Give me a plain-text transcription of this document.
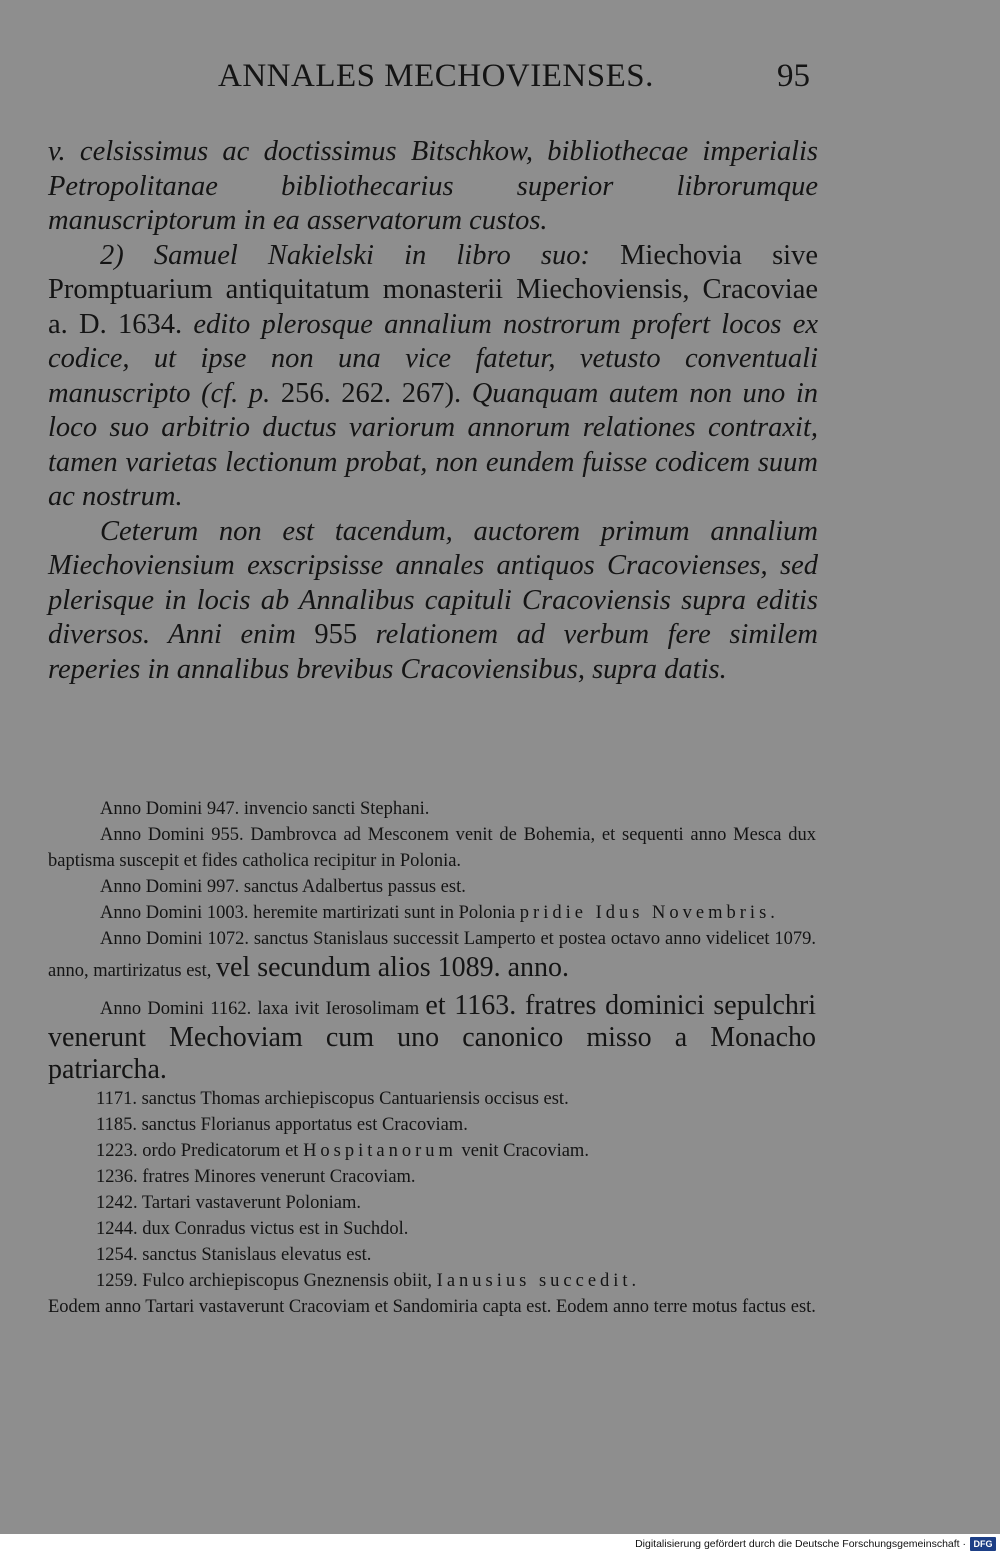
ANNALES MECHOVIENSES.	95

v. celsissimus ac doctissimus Bitschkow, bibliothecae imperialis Petropolitanae bibliothecarius superior librorumque manuscriptorum in ea asservatorum custos.

2) Samuel Nakielski in libro suo: Miechovia sive Promptuarium antiquitatum monasterii Miechoviensis, Cracoviae a. D. 1634. edito plerosque annalium nostrorum profert locos ex codice, ut ipse non una vice fatetur, vetusto conventuali manuscripto (cf. p. 256. 262. 267). Quanquam autem non uno in loco suo arbitrio ductus variorum annorum relationes contraxit, tamen varietas lectionum probat, non eundem fuisse codicem suum ac nostrum.

Ceterum non est tacendum, auctorem primum annalium Miechoviensium exscripsisse annales antiquos Cracovienses, sed plerisque in locis ab Annalibus capituli Cracoviensis supra editis diversos. Anni enim 955 relationem ad verbum fere similem reperies in annalibus brevibus Cracoviensibus, supra datis.

Anno Domini 947. invencio sancti Stephani.

Anno Domini 955. Dambrovca ad Mesconem venit de Bohemia, et sequenti anno Mesca dux baptisma suscepit et fides catholica recipitur in Polonia.

Anno Domini 997. sanctus Adalbertus passus est.

Anno Domini 1003. heremite martirizati sunt in Polonia pridie Idus Novembris.

Anno Domini 1072. sanctus Stanislaus successit Lamperto et postea octavo anno videlicet 1079. anno, martirizatus est, vel secundum alios 1089. anno.

Anno Domini 1162. laxa ivit Ierosolimam et 1163. fratres dominici sepulchri venerunt Mechoviam cum uno canonico misso a Monacho patriarcha.

1171. sanctus Thomas archiepiscopus Cantuariensis occisus est.

1185. sanctus Florianus apportatus est Cracoviam.

1223. ordo Predicatorum et Hospitanorum venit Cracoviam.

1236. fratres Minores venerunt Cracoviam.

1242. Tartari vastaverunt Poloniam.

1244. dux Conradus victus est in Suchdol.

1254. sanctus Stanislaus elevatus est.

1259. Fulco archiepiscopus Gneznensis obiit, Ianusius succedit.

Eodem anno Tartari vastaverunt Cracoviam et Sandomiria capta est. Eodem anno terre motus factus est.

Digitalisierung gefördert durch die Deutsche Forschungsgemeinschaft · DFG
